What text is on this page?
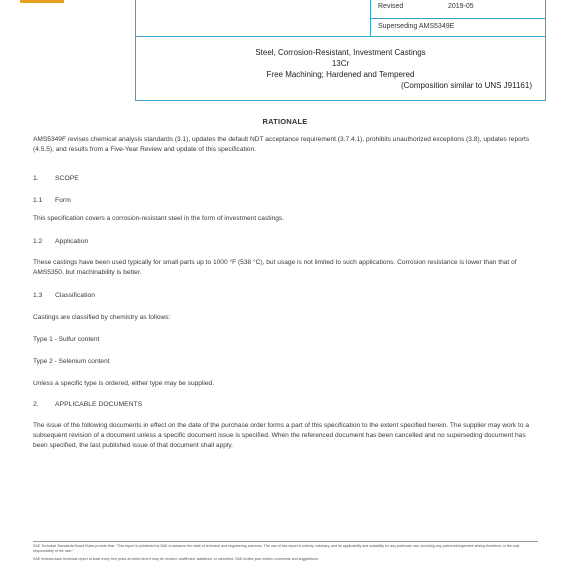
Revised	2019-05
Superseding AMS5349E
Steel, Corrosion-Resistant, Investment Castings
13Cr
Free Machining; Hardened and Tempered
(Composition similar to UNS J91161)
RATIONALE
AMS5349F revises chemical analysis standards (3.1), updates the default NDT acceptance requirement (3.7.4.1), prohibits unauthorized exceptions (3.8), updates reports (4.5.5), and results from a Five-Year Review and update of this specification.
1. SCOPE
1.1 Form
This specification covers a corrosion-resistant steel in the form of investment castings.
1.2 Application
These castings have been used typically for small parts up to 1000 °F (538 °C), but usage is not limited to such applications. Corrosion resistance is lower than that of AMS5350, but machinability is better.
1.3 Classification
Castings are classified by chemistry as follows:
Type 1 - Sulfur content
Type 2 - Selenium content
Unless a specific type is ordered, either type may be supplied.
2. APPLICABLE DOCUMENTS
The issue of the following documents in effect on the date of the purchase order forms a part of this specification to the extent specified herein. The supplier may work to a subsequent revision of a document unless a specific document issue is specified. When the referenced document has been cancelled and no superseding document has been specified, the last published issue of that document shall apply.
SAE Technical Standards Board Rules provide that: "This report is published by SAE to advance the state of technical and engineering sciences. The use of this report is entirely voluntary, and its applicability and suitability for any particular use, including any patent infringement arising therefrom, is the sole responsibility of the user."
SAE reviews each technical report at least every five years at which time it may be revised, reaffirmed, stabilized, or cancelled. SAE invites your written comments and suggestions.
